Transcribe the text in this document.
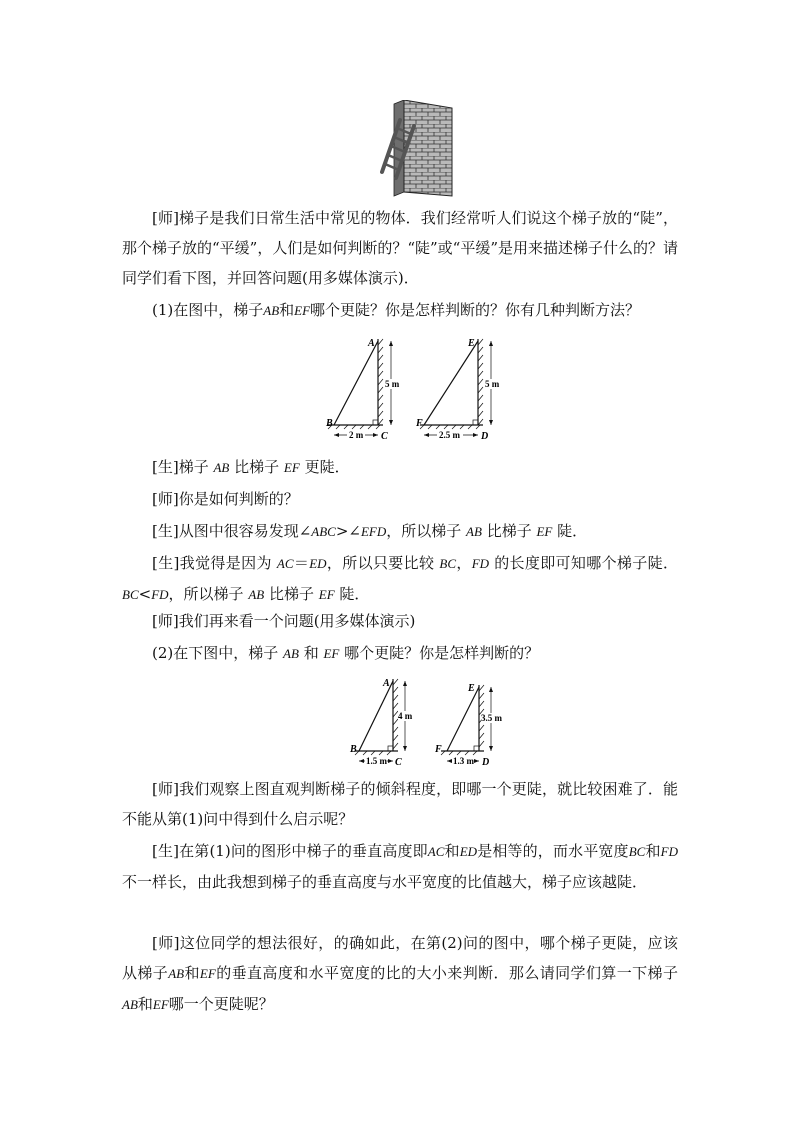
[师]梯子是我们日常生活中常见的物体．我们经常听人们说这个梯子放的“陡”，那个梯子放的“平缓”，人们是如何判断的？“陡”或“平缓”是用来描述梯子什么的？请同学们看下图，并回答问题(用多媒体演示)．

(1)在图中，梯子AB和EF哪个更陡？你是怎样判断的？你有几种判断方法？

5 m
2 m
A
B
C
5 m
2.5 m
E
F
D

[生]梯子 AB 比梯子 EF 更陡．

[师]你是如何判断的？

[生]从图中很容易发现∠ABC>∠EFD，所以梯子 AB 比梯子 EF 陡．

[生]我觉得是因为 AC＝ED，所以只要比较 BC，FD 的长度即可知哪个梯子陡．BC<FD，所以梯子 AB 比梯子 EF 陡．

[师]我们再来看一个问题(用多媒体演示)

(2)在下图中，梯子 AB 和 EF 哪个更陡？你是怎样判断的？

4 m
1.5 m
A
B
C
3.5 m
1.3 m
E
F
D

[师]我们观察上图直观判断梯子的倾斜程度，即哪一个更陡，就比较困难了．能不能从第(1)问中得到什么启示呢？

[生]在第(1)问的图形中梯子的垂直高度即AC和ED是相等的，而水平宽度BC和FD不一样长，由此我想到梯子的垂直高度与水平宽度的比值越大，梯子应该越陡．

[师]这位同学的想法很好，的确如此，在第(2)问的图中，哪个梯子更陡，应该从梯子AB和EF的垂直高度和水平宽度的比的大小来判断．那么请同学们算一下梯子AB和EF哪一个更陡呢？
